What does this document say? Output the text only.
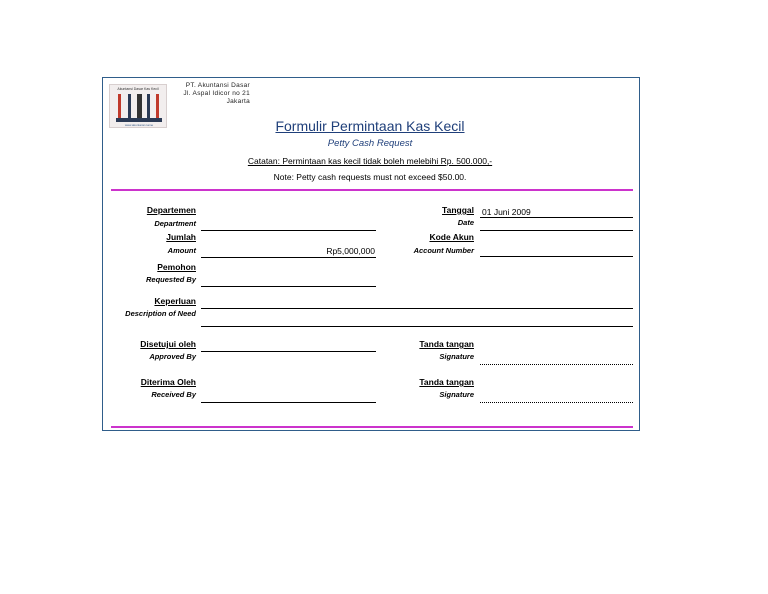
Akuntansi Dasar Kas Kecil
www.akuntansi.name
PT. Akuntansi Dasar
Jl. Aspal Idicor no 21
Jakarta
Formulir Permintaan Kas Kecil
Petty Cash Request
Catatan: Permintaan kas kecil tidak boleh melebihi Rp. 500.000,-
Note: Petty cash requests must not exceed $50.00.
Departemen
Department
Jumlah
Amount	Rp5,000,000
Pemohon
Requested By
Tanggal
Date
01 Juni 2009
Kode Akun
Account Number
Keperluan
Description of Need
Disetujui oleh
Approved By
Tanda tangan
Signature
Diterima Oleh
Received By
Tanda tangan
Signature
